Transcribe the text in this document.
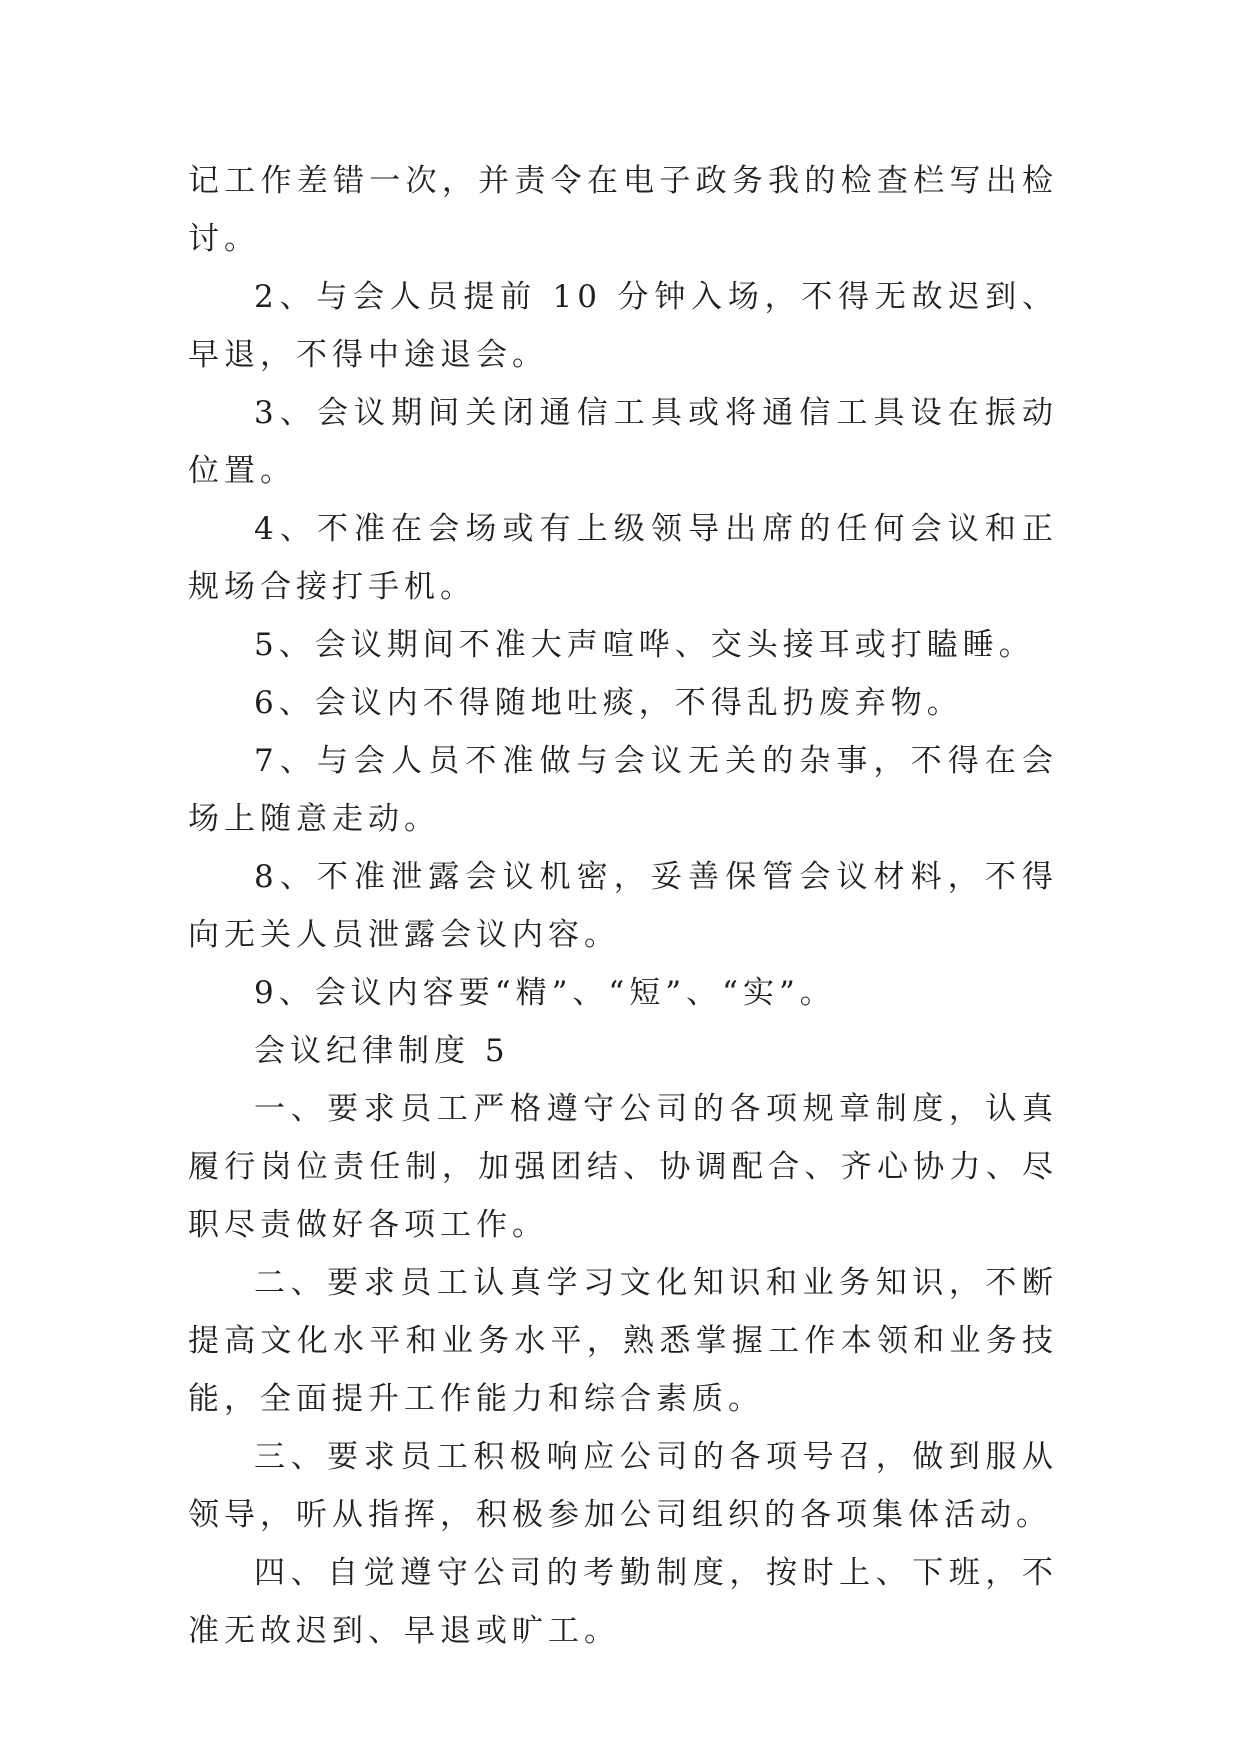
记工作差错一次，并责令在电子政务我的检查栏写出检讨。

2、与会人员提前 10 分钟入场，不得无故迟到、早退，不得中途退会。

3、会议期间关闭通信工具或将通信工具设在振动位置。

4、不准在会场或有上级领导出席的任何会议和正规场合接打手机。

5、会议期间不准大声喧哗、交头接耳或打瞌睡。

6、会议内不得随地吐痰，不得乱扔废弃物。

7、与会人员不准做与会议无关的杂事，不得在会场上随意走动。

8、不准泄露会议机密，妥善保管会议材料，不得向无关人员泄露会议内容。

9、会议内容要“精”、“短”、“实”。

会议纪律制度 5

一、要求员工严格遵守公司的各项规章制度，认真履行岗位责任制，加强团结、协调配合、齐心协力、尽职尽责做好各项工作。

二、要求员工认真学习文化知识和业务知识，不断提高文化水平和业务水平，熟悉掌握工作本领和业务技能，全面提升工作能力和综合素质。

三、要求员工积极响应公司的各项号召，做到服从领导，听从指挥，积极参加公司组织的各项集体活动。

四、自觉遵守公司的考勤制度，按时上、下班，不准无故迟到、早退或旷工。
